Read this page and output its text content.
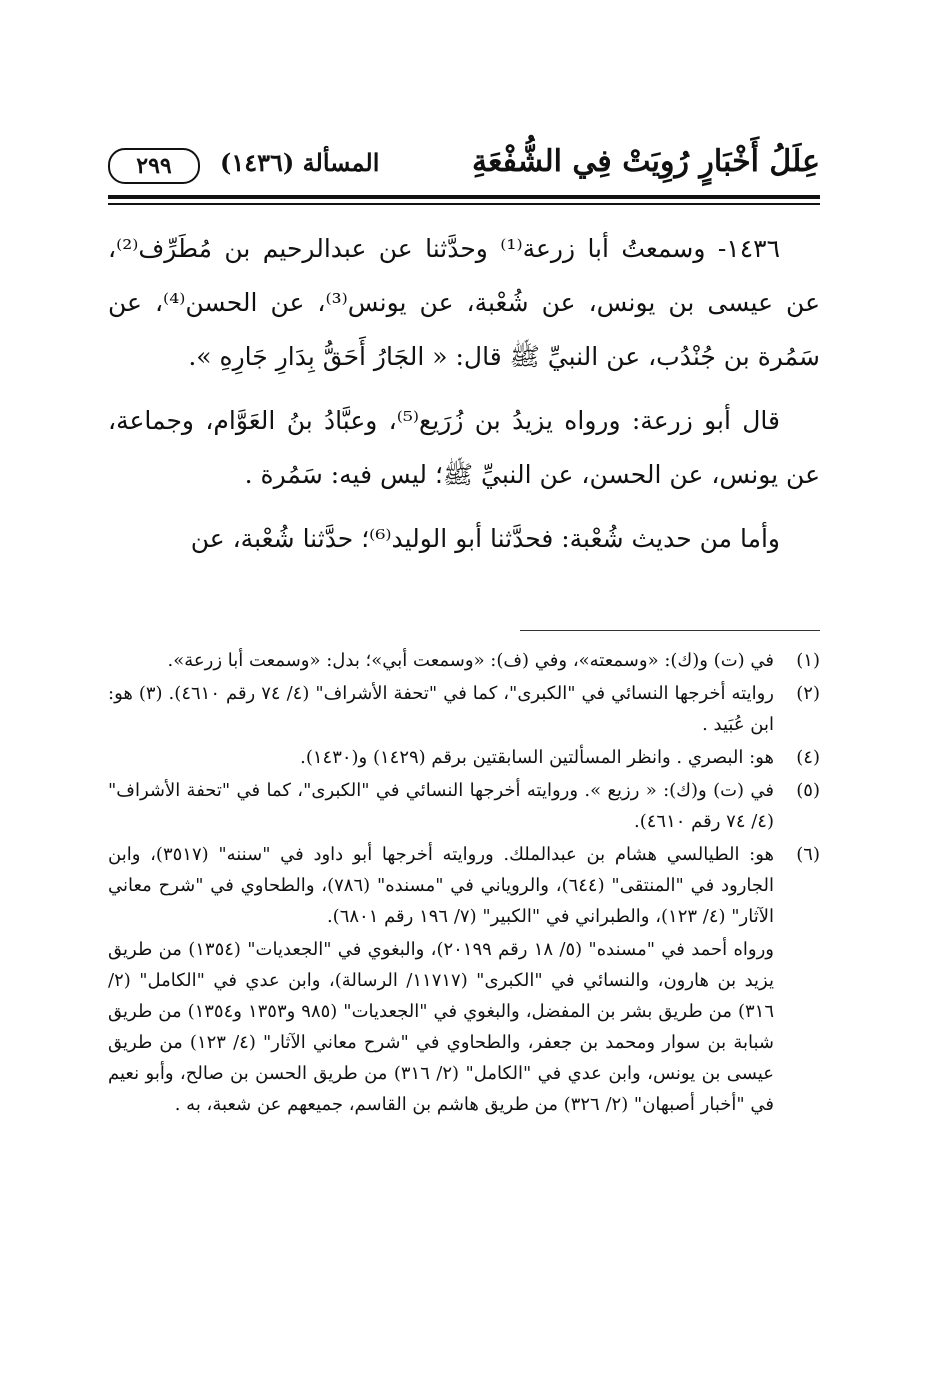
عِلَلُ أَخْبَارٍ رُوِيَتْ فِي الشُّفْعَةِ
المسألة (١٤٣٦)
٢٩٩

١٤٣٦- وسمعتُ أبا زرعة⁽¹⁾ وحدَّثنا عن عبدالرحيم بن مُطَرِّف⁽²⁾، عن عيسى بن يونس، عن شُعْبة، عن يونس⁽³⁾، عن الحسن⁽⁴⁾، عن سَمُرة بن جُنْدُب، عن النبيِّ ﷺ قال: « الجَارُ أَحَقُّ بِدَارِ جَارِهِ ».

قال أبو زرعة: ورواه يزيدُ بن زُرَيع⁽⁵⁾، وعبَّادُ بنُ العَوَّام، وجماعة، عن يونس، عن الحسن، عن النبيِّ ﷺ؛ ليس فيه: سَمُرة .

وأما من حديث شُعْبة: فحدَّثنا أبو الوليد⁽⁶⁾؛ حدَّثنا شُعْبة، عن

(١)
في (ت) و(ك): «وسمعته»، وفي (ف): «وسمعت أبي»؛ بدل: «وسمعت أبا زرعة».
(٢)
روايته أخرجها النسائي في "الكبرى"، كما في "تحفة الأشراف" (٤/ ٧٤ رقم ٤٦١٠). (٣) هو: ابن عُبَيد .
(٤)
هو: البصري . وانظر المسألتين السابقتين برقم (١٤٢٩) و(١٤٣٠).
(٥)
في (ت) و(ك): « رزيع ». وروايته أخرجها النسائي في "الكبرى"، كما في "تحفة الأشراف" (٤/ ٧٤ رقم ٤٦١٠).
(٦)
هو: الطيالسي هشام بن عبدالملك. وروايته أخرجها أبو داود في "سننه" (٣٥١٧)، وابن الجارود في "المنتقى" (٦٤٤)، والروياني في "مسنده" (٧٨٦)، والطحاوي في "شرح معاني الآثار" (٤/ ١٢٣)، والطبراني في "الكبير" (٧/ ١٩٦ رقم ٦٨٠١).
ورواه أحمد في "مسنده" (٥/ ١٨ رقم ٢٠١٩٩)، والبغوي في "الجعديات" (١٣٥٤) من طريق يزيد بن هارون، والنسائي في "الكبرى" (١١٧١٧/ الرسالة)، وابن عدي في "الكامل" (٢/ ٣١٦) من طريق بشر بن المفضل، والبغوي في "الجعديات" (٩٨٥ و١٣٥٣ و١٣٥٤) من طريق شبابة بن سوار ومحمد بن جعفر، والطحاوي في "شرح معاني الآثار" (٤/ ١٢٣) من طريق عيسى بن يونس، وابن عدي في "الكامل" (٢/ ٣١٦) من طريق الحسن بن صالح، وأبو نعيم في "أخبار أصبهان" (٢/ ٣٢٦) من طريق هاشم بن القاسم، جميعهم عن شعبة، به .
